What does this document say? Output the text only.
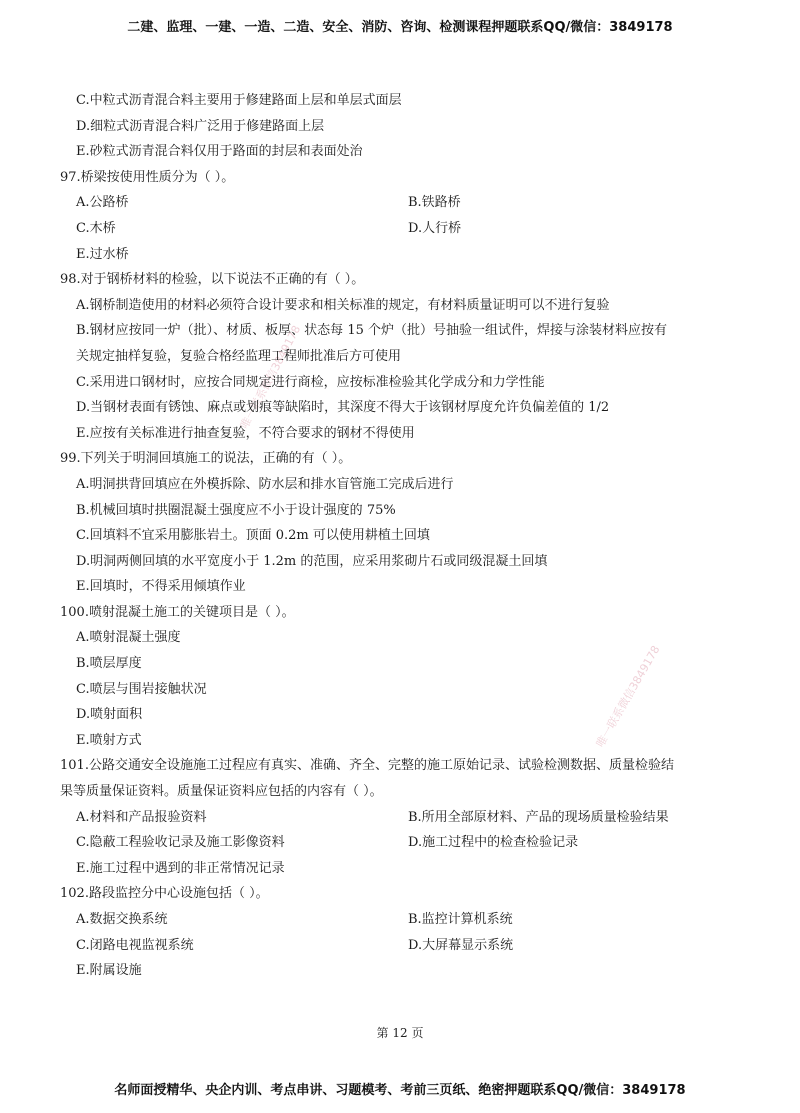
二建、监理、一建、一造、二造、安全、消防、咨询、检测课程押题联系QQ/微信：3849178
唯一联系微信3849178
唯一联系微信3849178
C.中粒式沥青混合料主要用于修建路面上层和单层式面层
D.细粒式沥青混合料广泛用于修建路面上层
E.砂粒式沥青混合料仅用于路面的封层和表面处治
97.桥梁按使用性质分为（ ）。
A.公路桥	B.铁路桥
C.木桥	D.人行桥
E.过水桥
98.对于钢桥材料的检验，以下说法不正确的有（ ）。
A.钢桥制造使用的材料必须符合设计要求和相关标准的规定，有材料质量证明可以不进行复验
B.钢材应按同一炉（批）、材质、板厚、状态每 15 个炉（批）号抽验一组试件，焊接与涂装材料应按有
关规定抽样复验，复验合格经监理工程师批准后方可使用
C.采用进口钢材时，应按合同规定进行商检，应按标准检验其化学成分和力学性能
D.当钢材表面有锈蚀、麻点或划痕等缺陷时，其深度不得大于该钢材厚度允许负偏差值的 1/2
E.应按有关标准进行抽查复验，不符合要求的钢材不得使用
99.下列关于明洞回填施工的说法，正确的有（ ）。
A.明洞拱背回填应在外模拆除、防水层和排水盲管施工完成后进行
B.机械回填时拱圈混凝土强度应不小于设计强度的 75%
C.回填料不宜采用膨胀岩土。顶面 0.2m 可以使用耕植土回填
D.明洞两侧回填的水平宽度小于 1.2m 的范围，应采用浆砌片石或同级混凝土回填
E.回填时，不得采用倾填作业
100.喷射混凝土施工的关键项目是（ ）。
A.喷射混凝土强度
B.喷层厚度
C.喷层与围岩接触状况
D.喷射面积
E.喷射方式
101.公路交通安全设施施工过程应有真实、准确、齐全、完整的施工原始记录、试验检测数据、质量检验结
果等质量保证资料。质量保证资料应包括的内容有（ ）。
A.材料和产品报验资料	B.所用全部原材料、产品的现场质量检验结果
C.隐蔽工程验收记录及施工影像资料	D.施工过程中的检查检验记录
E.施工过程中遇到的非正常情况记录
102.路段监控分中心设施包括（ ）。
A.数据交换系统	B.监控计算机系统
C.闭路电视监视系统	D.大屏幕显示系统
E.附属设施
第 12 页
名师面授精华、央企内训、考点串讲、习题模考、考前三页纸、绝密押题联系QQ/微信：3849178
